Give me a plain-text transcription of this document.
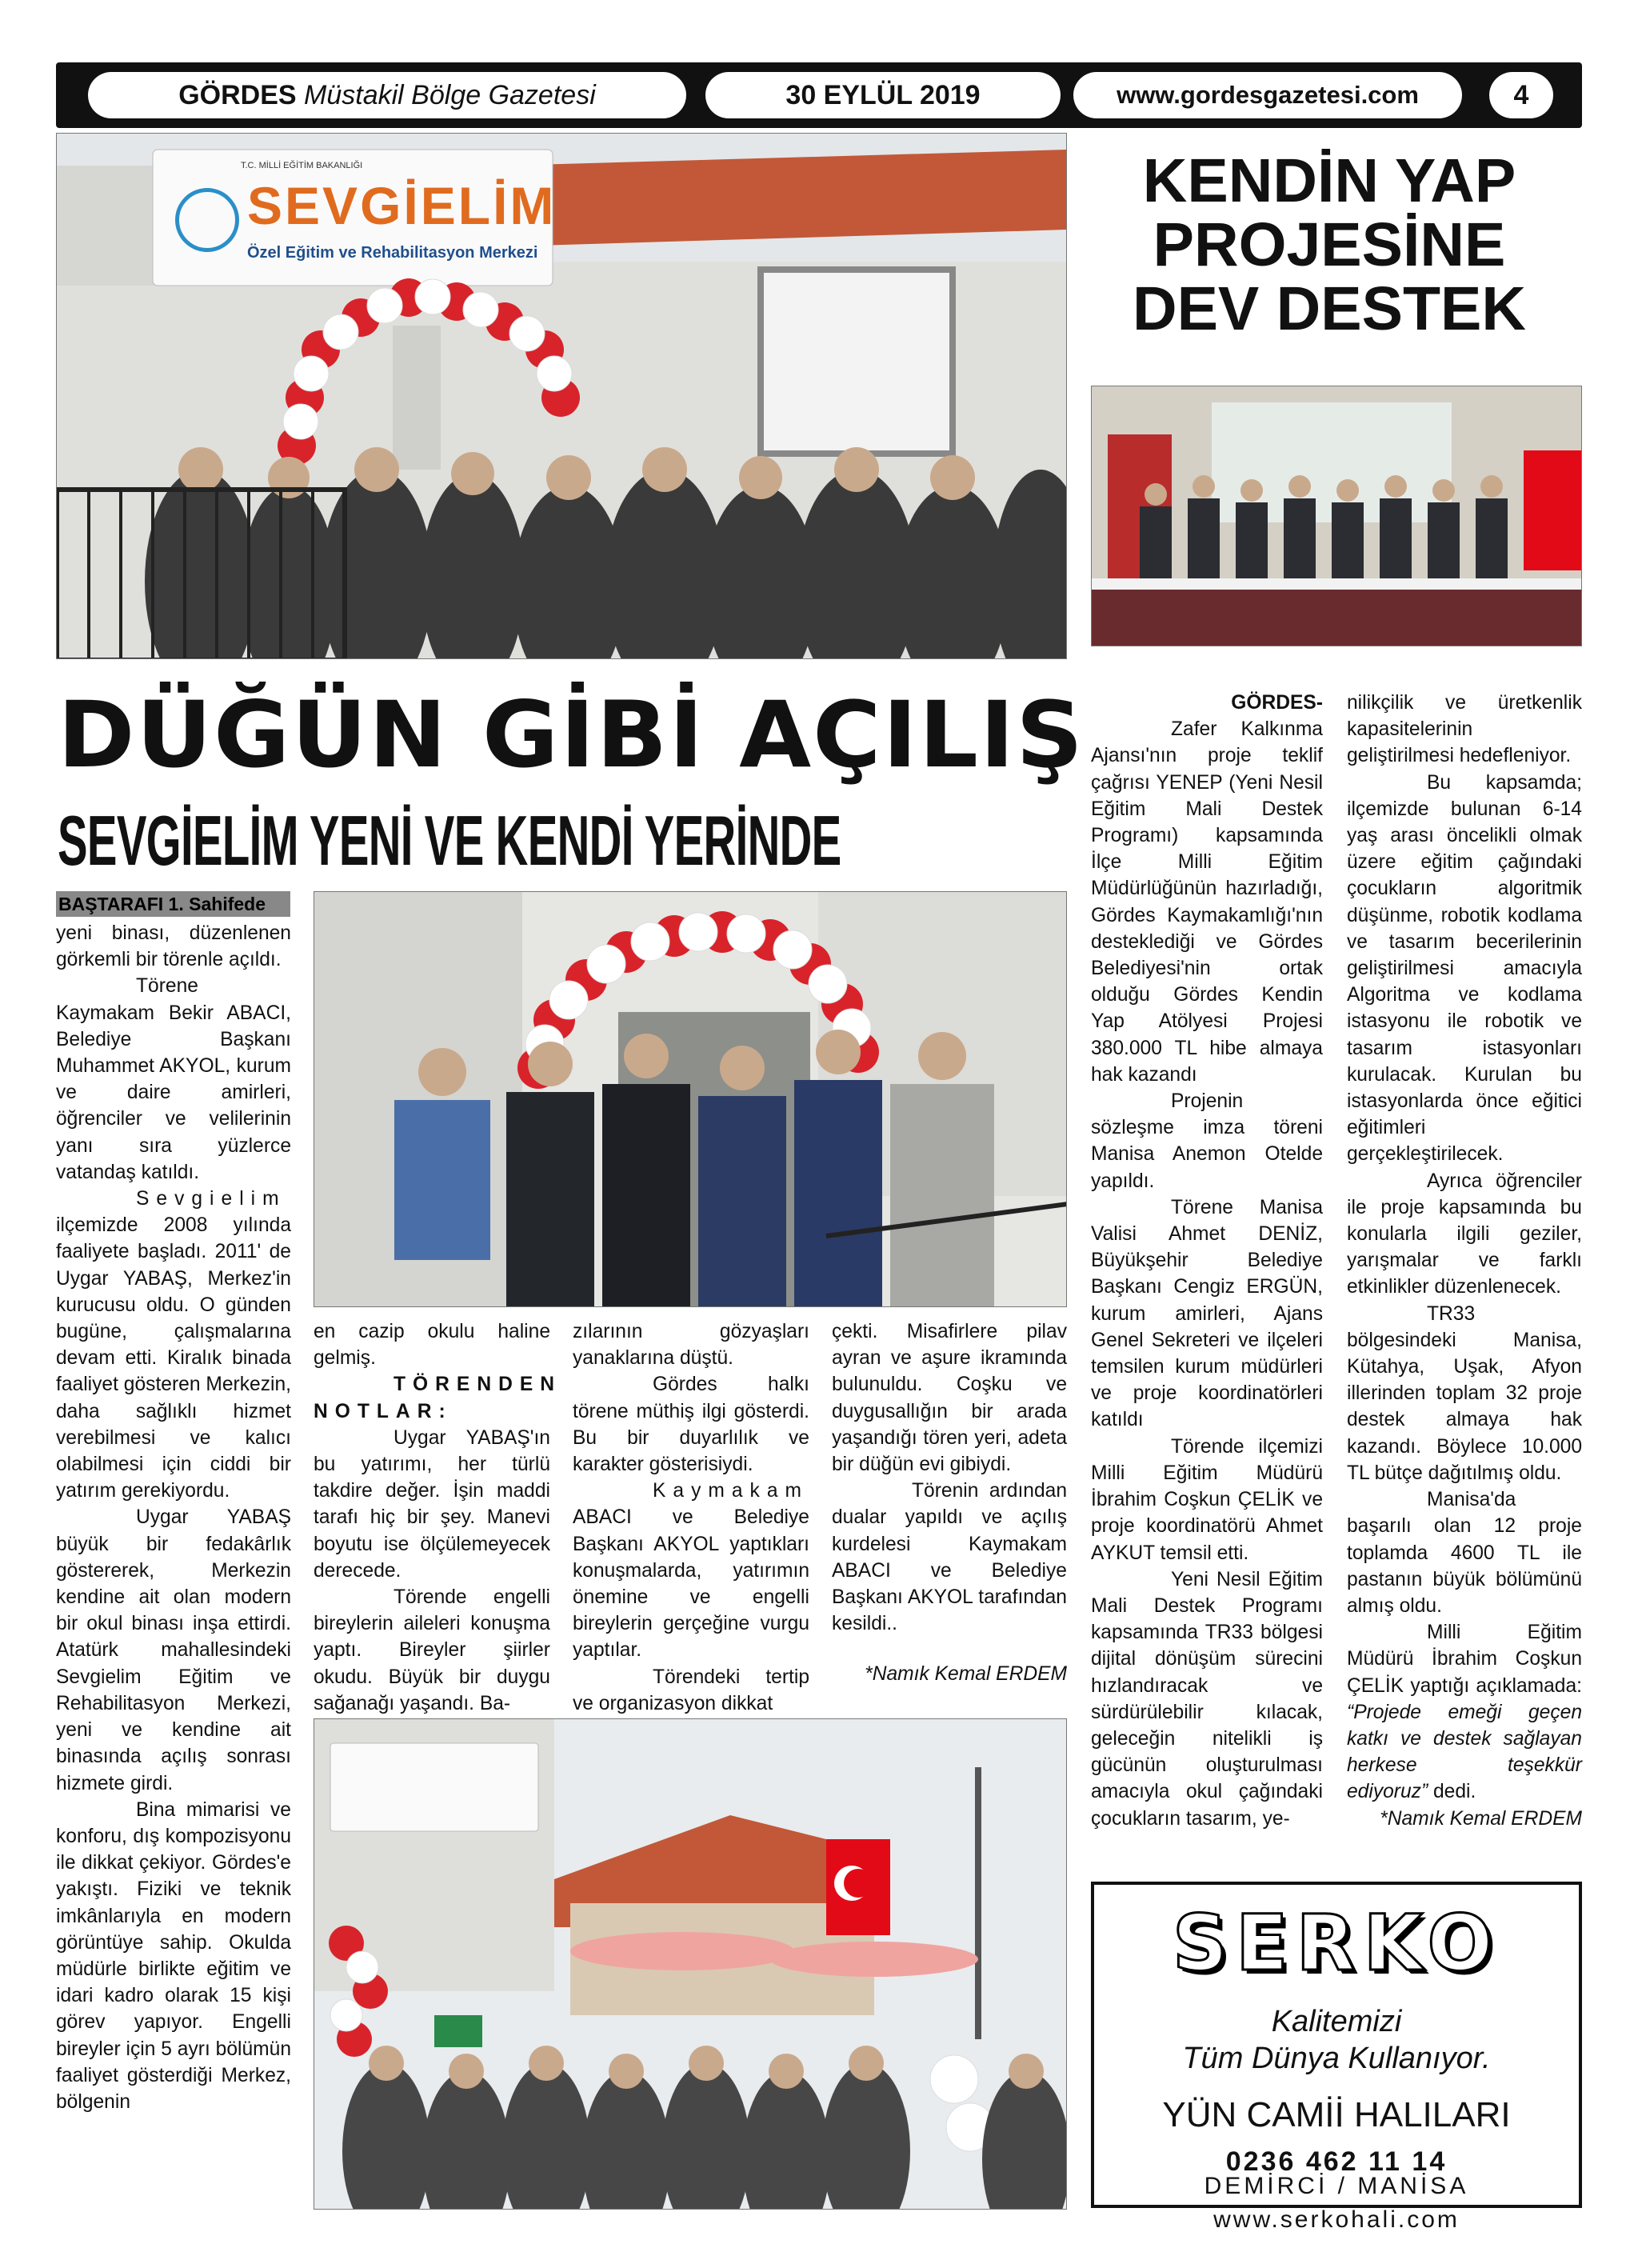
GÖRDES Müstakil Bölge Gazetesi	30 EYLÜL 2019	www.gordesgazetesi.com	4
T.C. MİLLİ EĞİTİM BAKANLIĞI
SEVGİELİM
Özel Eğitim ve Rehabilitasyon Merkezi
DÜĞÜN GİBİ AÇILIŞ
SEVGİELİM YENİ VE KENDİ YERİNDE
BAŞTARAFI 1. Sahifede

yeni binası, düzenlenen görkemli bir törenle açıldı.

Törene Kaymakam Bekir ABACI, Belediye Başkanı Muhammet AKYOL, kurum ve daire amirleri, öğrenciler ve velilerinin yanı sıra yüzlerce vatandaş katıldı.

Sevgielim

ilçemizde 2008 yılında faaliyete başladı. 2011' de Uygar YABAŞ, Merkez'in kurucusu oldu. O günden bugüne, çalışmalarına devam etti. Kiralık binada faaliyet gösteren Merkezin, daha sağlıklı hizmet verebilmesi ve kalıcı olabilmesi için ciddi bir yatırım gerekiyordu.

Uygar YABAŞ büyük bir fedakârlık göstererek, Merkezin kendine ait olan modern bir okul binası inşa ettirdi. Atatürk mahallesindeki Sevgielim Eğitim ve Rehabilitasyon Merkezi, yeni ve kendine ait binasında açılış sonrası hizmete girdi.

Bina mimarisi ve konforu, dış kompozisyonu ile dikkat çekiyor. Gördes'e yakıştı. Fiziki ve teknik imkânlarıyla en modern görüntüye sahip. Okulda müdürle birlikte eğitim ve idari kadro olarak 15 kişi görev yapıyor. Engelli bireyler için 5 ayrı bölümün faaliyet gösterdiği Merkez, bölgenin

en cazip okulu haline gelmiş.

TÖRENDEN NOTLAR:

Uygar YABAŞ'ın bu yatırımı, her türlü takdire değer. İşin maddi tarafı hiç bir şey. Manevi boyutu ise ölçülemeyecek derecede.

Törende engelli bireylerin aileleri konuşma yaptı. Bireyler şiirler okudu. Büyük bir duygu sağanağı yaşandı. Ba-

zılarının gözyaşları yanaklarına düştü.

Gördes halkı törene müthiş ilgi gösterdi. Bu bir duyarlılık ve karakter gösterisiydi.

Kaymakam

ABACI ve Belediye Başkanı AKYOL yaptıkları konuşmalarda, yatırımın önemine ve engelli bireylerin gerçeğine vurgu yaptılar.

Törendeki tertip ve organizasyon dikkat

çekti. Misafirlere pilav ayran ve aşure ikramında bulunuldu. Coşku ve duygusallığın bir arada yaşandığı tören yeri, adeta bir düğün evi gibiydi.

Törenin ardından dualar yapıldı ve açılış kurdelesi Kaymakam ABACI ve Belediye Başkanı AKYOL tarafından kesildi..

*Namık Kemal ERDEM

KENDİN YAP
PROJESİNE
DEV DESTEK

GÖRDES-

Zafer Kalkınma Ajansı'nın proje teklif çağrısı YENEP (Yeni Nesil Eğitim Mali Destek Programı) kapsamında İlçe Milli Eğitim Müdürlüğünün hazırladığı, Gördes Kaymakamlığı'nın desteklediği ve Gördes Belediyesi'nin ortak olduğu Gördes Kendin Yap Atölyesi Projesi 380.000 TL hibe almaya hak kazandı

Projenin sözleşme imza töreni Manisa Anemon Otelde yapıldı.

Törene Manisa Valisi Ahmet DENİZ, Büyükşehir Belediye Başkanı Cengiz ERGÜN, kurum amirleri, Ajans Genel Sekreteri ve ilçeleri temsilen kurum müdürleri ve proje koordinatörleri katıldı

Törende ilçemizi Milli Eğitim Müdürü İbrahim Coşkun ÇELİK ve proje koordinatörü Ahmet AYKUT temsil etti.

Yeni Nesil Eğitim Mali Destek Programı kapsamında TR33 bölgesi dijital dönüşüm sürecini hızlandıracak ve sürdürülebilir kılacak, geleceğin nitelikli iş gücünün oluşturulması amacıyla okul çağındaki çocukların tasarım, ye-

nilikçilik ve üretkenlik kapasitelerinin geliştirilmesi hedefleniyor.

Bu kapsamda; ilçemizde bulunan 6-14 yaş arası öncelikli olmak üzere eğitim çağındaki çocukların algoritmik düşünme, robotik kodlama ve tasarım becerilerinin geliştirilmesi amacıyla Algoritma ve kodlama istasyonu ile robotik ve tasarım istasyonları kurulacak. Kurulan bu istasyonlarda önce eğitici eğitimleri gerçekleştirilecek.

Ayrıca öğrenciler ile proje kapsamında bu konularla ilgili geziler, yarışmalar ve farklı etkinlikler düzenlenecek.

TR33 bölgesindeki Manisa, Kütahya, Uşak, Afyon illerinden toplam 32 proje destek almaya hak kazandı. Böylece 10.000 TL bütçe dağıtılmış oldu.

Manisa'da başarılı olan 12 proje toplamda 4600 TL ile pastanın büyük bölümünü almış oldu.

Milli Eğitim Müdürü İbrahim Coşkun ÇELİK yaptığı açıklamada: “Projede emeği geçen katkı ve destek sağlayan herkese teşekkür ediyoruz” dedi.

*Namık Kemal ERDEM

SERKO
Kalitemizi
Tüm Dünya Kullanıyor.
YÜN CAMİİ HALILARI
0236 462 11 14
DEMİRCİ / MANİSA
www.serkohali.com
